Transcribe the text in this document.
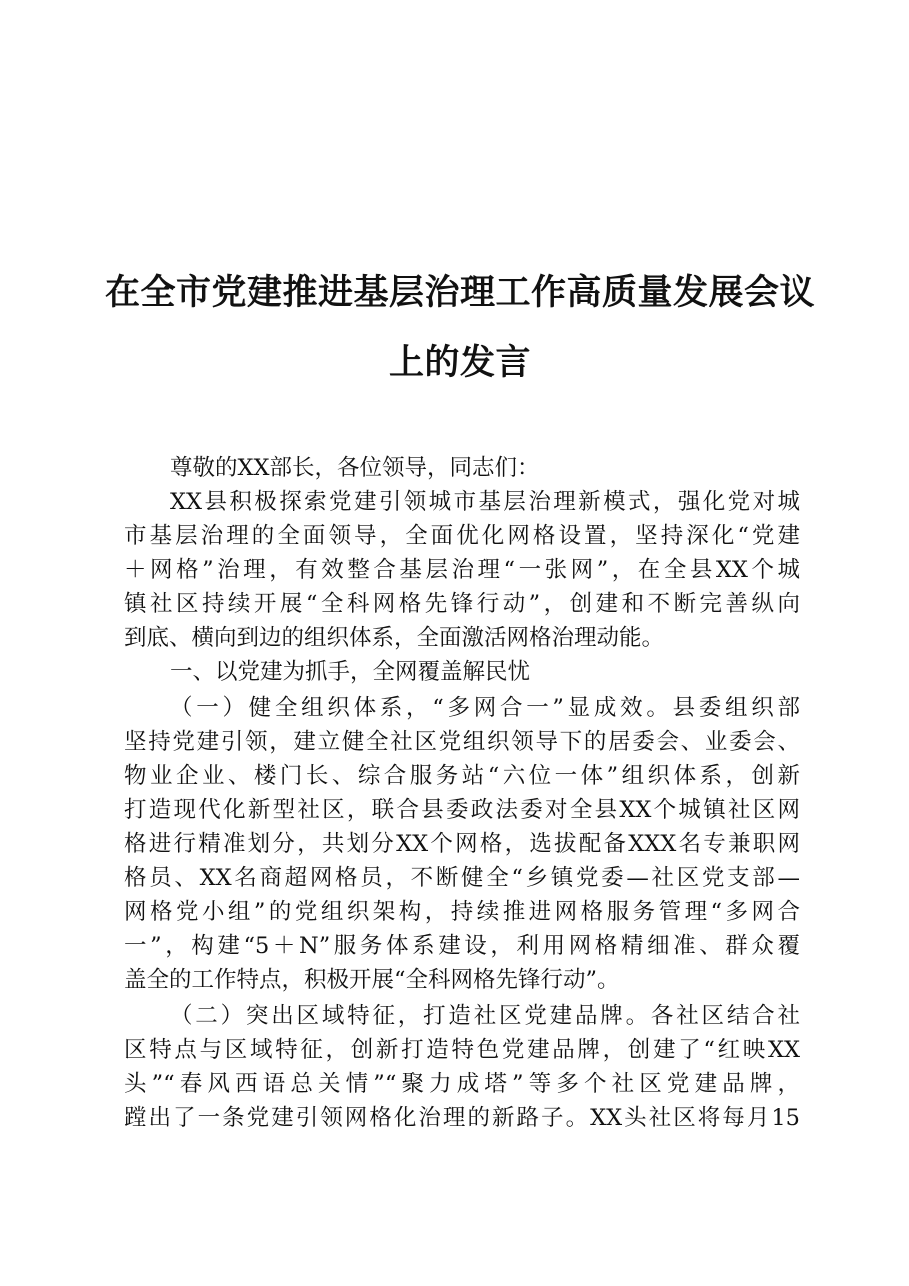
在全市党建推进基层治理工作高质量发展会议
上的发言
尊敬的XX部长，各位领导，同志们：
XX县积极探索党建引领城市基层治理新模式，强化党对城
市基层治理的全面领导，全面优化网格设置，坚持深化“党建
＋网格”治理，有效整合基层治理“一张网”，在全县XX个城
镇社区持续开展“全科网格先锋行动”，创建和不断完善纵向
到底、横向到边的组织体系，全面激活网格治理动能。
一、以党建为抓手，全网覆盖解民忧
（一）健全组织体系，“多网合一”显成效。县委组织部
坚持党建引领，建立健全社区党组织领导下的居委会、业委会、
物业企业、楼门长、综合服务站“六位一体”组织体系，创新
打造现代化新型社区，联合县委政法委对全县XX个城镇社区网
格进行精准划分，共划分XX个网格，选拔配备XXX名专兼职网
格员、XX名商超网格员，不断健全“乡镇党委—社区党支部—
网格党小组”的党组织架构，持续推进网格服务管理“多网合
一”，构建“5＋N”服务体系建设，利用网格精细准、群众覆
盖全的工作特点，积极开展“全科网格先锋行动”。
（二）突出区域特征，打造社区党建品牌。各社区结合社
区特点与区域特征，创新打造特色党建品牌，创建了“红映XX
头”“春风西语总关情”“聚力成塔”等多个社区党建品牌，
蹚出了一条党建引领网格化治理的新路子。XX头社区将每月15
